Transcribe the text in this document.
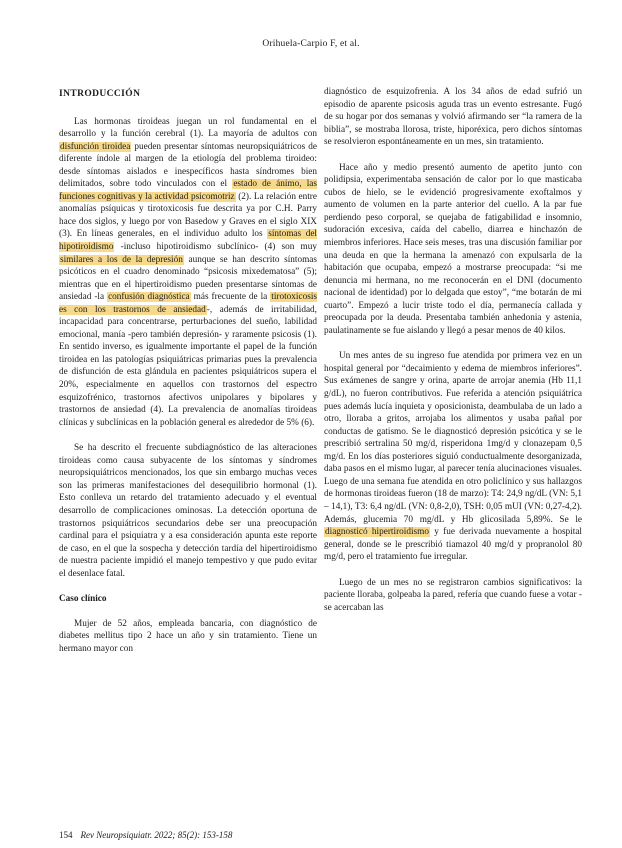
Orihuela-Carpio F, et al.
INTRODUCCIÓN

Las hormonas tiroideas juegan un rol fundamental en el desarrollo y la función cerebral (1). La mayoría de adultos con disfunción tiroidea pueden presentar síntomas neuropsiquiátricos de diferente índole al margen de la etiología del problema tiroideo: desde síntomas aislados e inespecíficos hasta síndromes bien delimitados, sobre todo vinculados con el estado de ánimo, las funciones cognitivas y la actividad psicomotriz (2). La relación entre anomalías psíquicas y tirotoxicosis fue descrita ya por C.H. Parry hace dos siglos, y luego por von Basedow y Graves en el siglo XIX (3). En líneas generales, en el individuo adulto los síntomas del hipotiroidismo -incluso hipotiroidismo subclínico- (4) son muy similares a los de la depresión aunque se han descrito síntomas psicóticos en el cuadro denominado “psicosis mixedematosa” (5); mientras que en el hipertiroidismo pueden presentarse síntomas de ansiedad -la confusión diagnóstica más frecuente de la tirotoxicosis es con los trastornos de ansiedad-, además de irritabilidad, incapacidad para concentrarse, perturbaciones del sueño, labilidad emocional, manía -pero también depresión- y raramente psicosis (1). En sentido inverso, es igualmente importante el papel de la función tiroidea en las patologías psiquiátricas primarias pues la prevalencia de disfunción de esta glándula en pacientes psiquiátricos supera el 20%, especialmente en aquellos con trastornos del espectro esquizofrénico, trastornos afectivos unipolares y bipolares y trastornos de ansiedad (4). La prevalencia de anomalías tiroideas clínicas y subclínicas en la población general es alrededor de 5% (6).

Se ha descrito el frecuente subdiagnóstico de las alteraciones tiroideas como causa subyacente de los síntomas y síndromes neuropsiquiátricos mencionados, los que sin embargo muchas veces son las primeras manifestaciones del desequilibrio hormonal (1). Esto conlleva un retardo del tratamiento adecuado y el eventual desarrollo de complicaciones ominosas. La detección oportuna de trastornos psiquiátricos secundarios debe ser una preocupación cardinal para el psiquiatra y a esa consideración apunta este reporte de caso, en el que la sospecha y detección tardía del hipertiroidismo de nuestra paciente impidió el manejo tempestivo y que pudo evitar el desenlace fatal.

Caso clínico

Mujer de 52 años, empleada bancaria, con diagnóstico de diabetes mellitus tipo 2 hace un año y sin tratamiento. Tiene un hermano mayor con

diagnóstico de esquizofrenia. A los 34 años de edad sufrió un episodio de aparente psicosis aguda tras un evento estresante. Fugó de su hogar por dos semanas y volvió afirmando ser “la ramera de la biblia”, se mostraba llorosa, triste, hiporéxica, pero dichos síntomas se resolvieron espontáneamente en un mes, sin tratamiento.

Hace año y medio presentó aumento de apetito junto con polidipsia, experimentaba sensación de calor por lo que masticaba cubos de hielo, se le evidenció progresivamente exoftalmos y aumento de volumen en la parte anterior del cuello. A la par fue perdiendo peso corporal, se quejaba de fatigabilidad e insomnio, sudoración excesiva, caída del cabello, diarrea e hinchazón de miembros inferiores. Hace seis meses, tras una discusión familiar por una deuda en que la hermana la amenazó con expulsarla de la habitación que ocupaba, empezó a mostrarse preocupada: “si me denuncia mi hermana, no me reconocerán en el DNI (documento nacional de identidad) por lo delgada que estoy”, “me botarán de mi cuarto”. Empezó a lucir triste todo el día, permanecía callada y preocupada por la deuda. Presentaba también anhedonia y astenia, paulatinamente se fue aislando y llegó a pesar menos de 40 kilos.

Un mes antes de su ingreso fue atendida por primera vez en un hospital general por “decaimiento y edema de miembros inferiores”. Sus exámenes de sangre y orina, aparte de arrojar anemia (Hb 11,1 g/dL), no fueron contributivos. Fue referida a atención psiquiátrica pues además lucía inquieta y oposicionista, deambulaba de un lado a otro, lloraba a gritos, arrojaba los alimentos y usaba pañal por conductas de gatismo. Se le diagnosticó depresión psicótica y se le prescribió sertralina 50 mg/d, risperidona 1mg/d y clonazepam 0,5 mg/d. En los días posteriores siguió conductualmente desorganizada, daba pasos en el mismo lugar, al parecer tenía alucinaciones visuales. Luego de una semana fue atendida en otro policlínico y sus hallazgos de hormonas tiroideas fueron (18 de marzo): T4: 24,9 ng/dL (VN: 5,1 – 14,1), T3: 6,4 ng/dL (VN: 0,8-2,0), TSH: 0,05 mUI (VN: 0,27-4,2). Además, glucemia 70 mg/dL y Hb glicosilada 5,89%. Se le diagnosticó hipertiroidismo y fue derivada nuevamente a hospital general, donde se le prescribió tiamazol 40 mg/d y propranolol 80 mg/d, pero el tratamiento fue irregular.

Luego de un mes no se registraron cambios significativos: la paciente lloraba, golpeaba la pared, refería que cuando fuese a votar -se acercaban las

154 Rev Neuropsiquiatr. 2022; 85(2): 153-158
